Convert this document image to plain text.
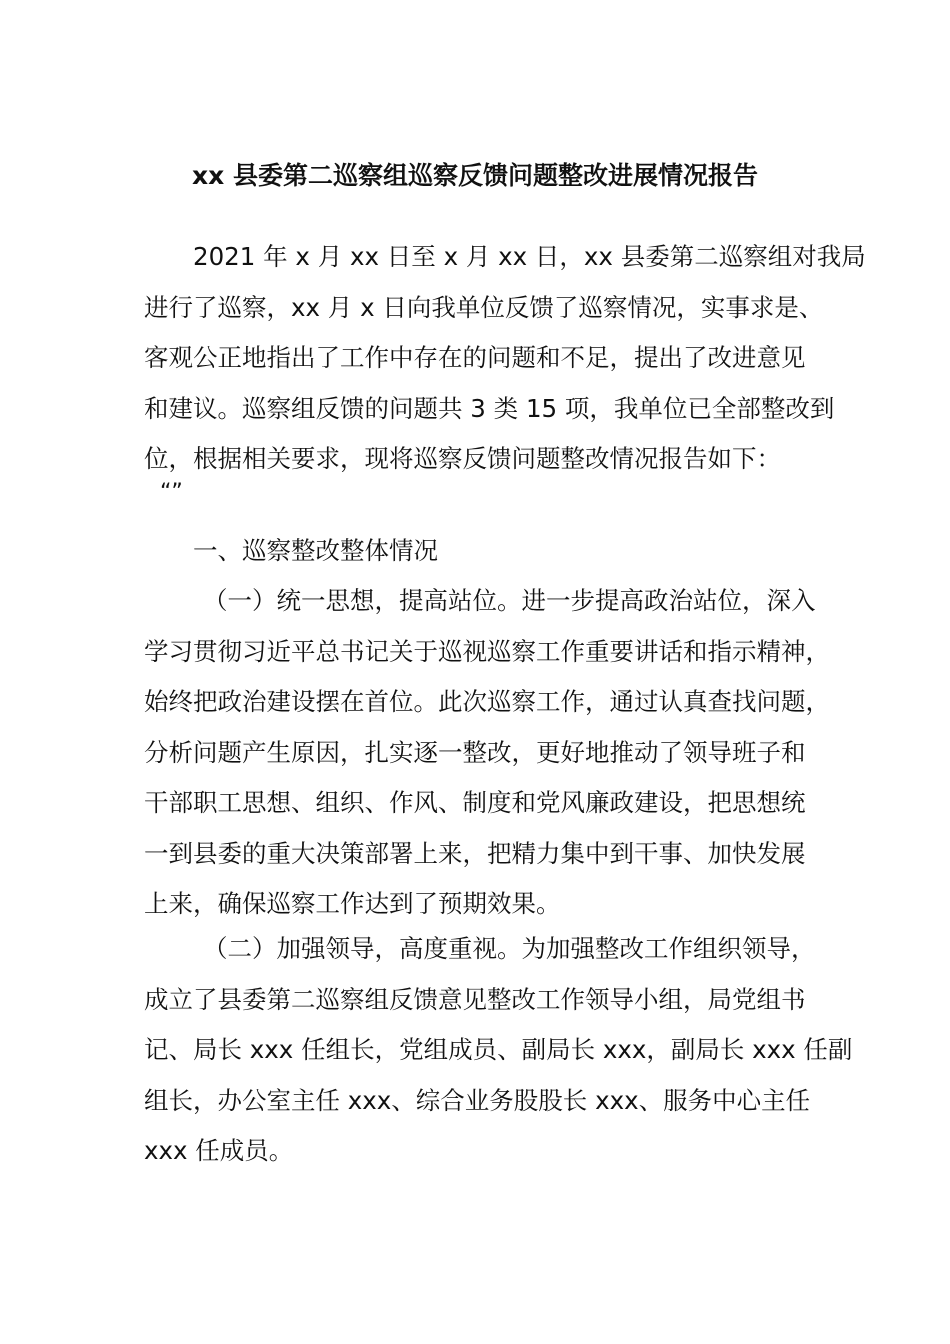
xx 县委第二巡察组巡察反馈问题整改进展情况报告
2021 年 x 月 xx 日至 x 月 xx 日，xx 县委第二巡察组对我局
进行了巡察，xx 月 x 日向我单位反馈了巡察情况，实事求是、
客观公正地指出了工作中存在的问题和不足，提出了改进意见
和建议。巡察组反馈的问题共 3 类 15 项，我单位已全部整改到
位，根据相关要求，现将巡察反馈问题整改情况报告如下：
“”
一、巡察整改整体情况
（一）统一思想，提高站位。进一步提高政治站位，深入
学习贯彻习近平总书记关于巡视巡察工作重要讲话和指示精神，
始终把政治建设摆在首位。此次巡察工作，通过认真查找问题，
分析问题产生原因，扎实逐一整改，更好地推动了领导班子和
干部职工思想、组织、作风、制度和党风廉政建设，把思想统
一到县委的重大决策部署上来，把精力集中到干事、加快发展
上来，确保巡察工作达到了预期效果。
（二）加强领导，高度重视。为加强整改工作组织领导，
成立了县委第二巡察组反馈意见整改工作领导小组，局党组书
记、局长 xxx 任组长，党组成员、副局长 xxx，副局长 xxx 任副
组长，办公室主任 xxx、综合业务股股长 xxx、服务中心主任
xxx 任成员。
